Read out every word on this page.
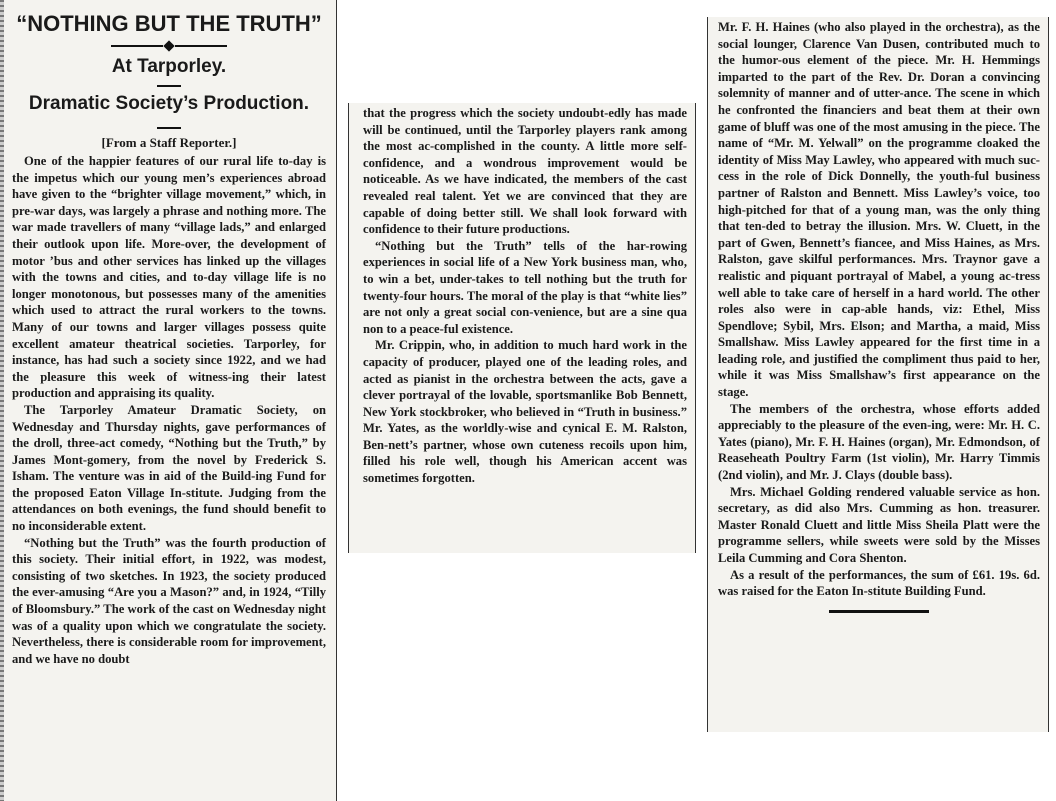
“NOTHING BUT THE TRUTH”
At Tarporley.
Dramatic Society’s Production.
[From a Staff Reporter.]

One of the happier features of our rural life to-day is the impetus which our young men’s experiences abroad have given to the “brighter village movement,” which, in pre-war days, was largely a phrase and nothing more. The war made travellers of many “village lads,” and enlarged their outlook upon life. More-over, the development of motor ’bus and other services has linked up the villages with the towns and cities, and to-day village life is no longer monotonous, but possesses many of the amenities which used to attract the rural workers to the towns. Many of our towns and larger villages possess quite excellent amateur theatrical societies. Tarporley, for instance, has had such a society since 1922, and we had the pleasure this week of witness-ing their latest production and appraising its quality.

The Tarporley Amateur Dramatic Society, on Wednesday and Thursday nights, gave performances of the droll, three-act comedy, “Nothing but the Truth,” by James Mont-gomery, from the novel by Frederick S. Isham. The venture was in aid of the Build-ing Fund for the proposed Eaton Village In-stitute. Judging from the attendances on both evenings, the fund should benefit to no inconsiderable extent.

“Nothing but the Truth” was the fourth production of this society. Their initial effort, in 1922, was modest, consisting of two sketches. In 1923, the society produced the ever-amusing “Are you a Mason?” and, in 1924, “Tilly of Bloomsbury.” The work of the cast on Wednesday night was of a quality upon which we congratulate the society. Nevertheless, there is considerable room for improvement, and we have no doubt

that the progress which the society undoubt-edly has made will be continued, until the Tarporley players rank among the most ac-complished in the county. A little more self-confidence, and a wondrous improvement would be noticeable. As we have indicated, the members of the cast revealed real talent. Yet we are convinced that they are capable of doing better still. We shall look forward with confidence to their future productions.

“Nothing but the Truth” tells of the har-rowing experiences in social life of a New York business man, who, to win a bet, under-takes to tell nothing but the truth for twenty-four hours. The moral of the play is that “white lies” are not only a great social con-venience, but are a sine qua non to a peace-ful existence.

Mr. Crippin, who, in addition to much hard work in the capacity of producer, played one of the leading roles, and acted as pianist in the orchestra between the acts, gave a clever portrayal of the lovable, sportsmanlike Bob Bennett, New York stockbroker, who believed in “Truth in business.” Mr. Yates, as the worldly-wise and cynical E. M. Ralston, Ben-nett’s partner, whose own cuteness recoils upon him, filled his role well, though his American accent was sometimes forgotten.

Mr. F. H. Haines (who also played in the orchestra), as the social lounger, Clarence Van Dusen, contributed much to the humor-ous element of the piece. Mr. H. Hemmings imparted to the part of the Rev. Dr. Doran a convincing solemnity of manner and of utter-ance. The scene in which he confronted the financiers and beat them at their own game of bluff was one of the most amusing in the piece. The name of “Mr. M. Yelwall” on the programme cloaked the identity of Miss May Lawley, who appeared with much suc-cess in the role of Dick Donnelly, the youth-ful business partner of Ralston and Bennett. Miss Lawley’s voice, too high-pitched for that of a young man, was the only thing that ten-ded to betray the illusion. Mrs. W. Cluett, in the part of Gwen, Bennett’s fiancee, and Miss Haines, as Mrs. Ralston, gave skilful performances. Mrs. Traynor gave a realistic and piquant portrayal of Mabel, a young ac-tress well able to take care of herself in a hard world. The other roles also were in cap-able hands, viz: Ethel, Miss Spendlove; Sybil, Mrs. Elson; and Martha, a maid, Miss Smallshaw. Miss Lawley appeared for the first time in a leading role, and justified the compliment thus paid to her, while it was Miss Smallshaw’s first appearance on the stage.

The members of the orchestra, whose efforts added appreciably to the pleasure of the even-ing, were: Mr. H. C. Yates (piano), Mr. F. H. Haines (organ), Mr. Edmondson, of Reaseheath Poultry Farm (1st violin), Mr. Harry Timmis (2nd violin), and Mr. J. Clays (double bass).

Mrs. Michael Golding rendered valuable service as hon. secretary, as did also Mrs. Cumming as hon. treasurer. Master Ronald Cluett and little Miss Sheila Platt were the programme sellers, while sweets were sold by the Misses Leila Cumming and Cora Shenton.

As a result of the performances, the sum of £61. 19s. 6d. was raised for the Eaton In-stitute Building Fund.
